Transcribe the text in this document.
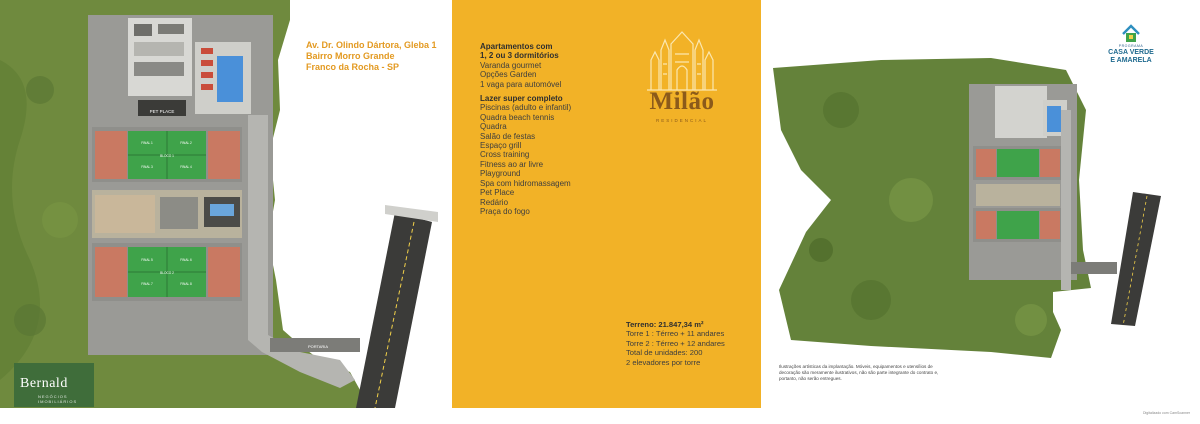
PET PLACE
FINAL 1	FINAL 2
FINAL 3	FINAL 4
BLOCO 1
FINAL 5	FINAL 6
FINAL 7	FINAL 8
BLOCO 2
PORTARIA
Av. Dr. Olindo Dártora, Gleba 1
Bairro Morro Grande
Franco da Rocha - SP
Bernald
NEGÓCIOS IMOBILIÁRIOS
Apartamentos com
1, 2 ou 3 dormitórios
Varanda gourmet
Opções Garden
1 vaga para automóvel
Lazer super completo
Piscinas (adulto e infantil)
Quadra beach tennis
Quadra
Salão de festas
Espaço grill
Cross training
Fitness ao ar livre
Playground
Spa com hidromassagem
Pet Place
Redário
Praça do fogo
Milão
RESIDENCIAL
Terreno: 21.847,34 m²
Torre 1 : Térreo + 11 andares
Torre 2 : Térreo + 12 andares
Total de unidades: 200
2 elevadores por torre
PROGRAMA
CASA VERDE
E AMARELA
Ilustrações artísticas da implantação. Móveis, equipamentos e utensílios de decoração são meramente ilustrativos, não são parte integrante do contrato e, portanto, não serão entregues.
Digitalizado com CamScanner
